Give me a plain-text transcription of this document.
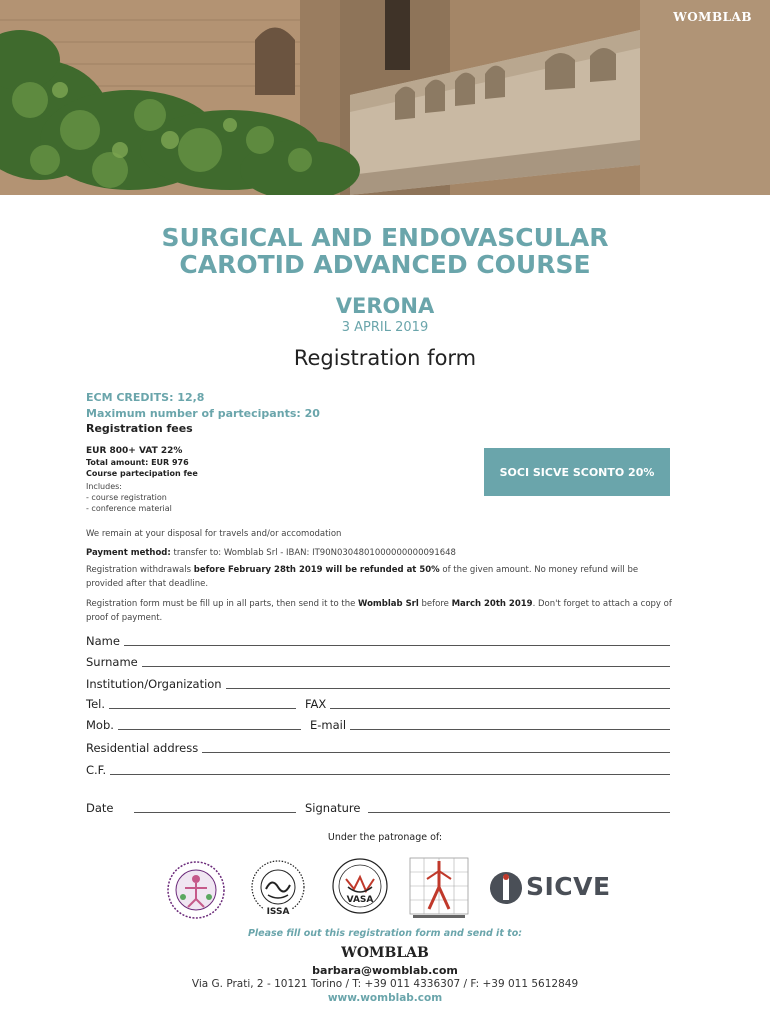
WOMBLAB
SURGICAL AND ENDOVASCULAR
CAROTID ADVANCED COURSE
VERONA
3 APRIL 2019
Registration form
ECM CREDITS: 12,8
Maximum number of partecipants: 20
Registration fees
EUR 800+ VAT 22%
Total amount: EUR 976
Course partecipation fee
Includes:
- course registration
- conference material
SOCI SICVE SCONTO 20%
We remain at your disposal for travels and/or accomodation
Payment method: transfer to: Womblab Srl - IBAN: IT90N0304801000000000091648
Registration withdrawals before February 28th 2019 will be refunded at 50% of the given amount. No money refund will be provided after that deadline.
Registration form must be fill up in all parts, then send it to the Womblab Srl before March 20th 2019. Don't forget to attach a copy of proof of payment.
Name
Surname
Institution/Organization
Tel.	FAX
Mob.	E-mail
Residential address
C.F.
Date	Signature
Under the patronage of:
ISSA
VASA	SICVE
Please fill out this registration form and send it to:
WOMBLAB
barbara@womblab.com
Via G. Prati, 2 - 10121 Torino / T: +39 011 4336307 / F: +39 011 5612849
www.womblab.com
